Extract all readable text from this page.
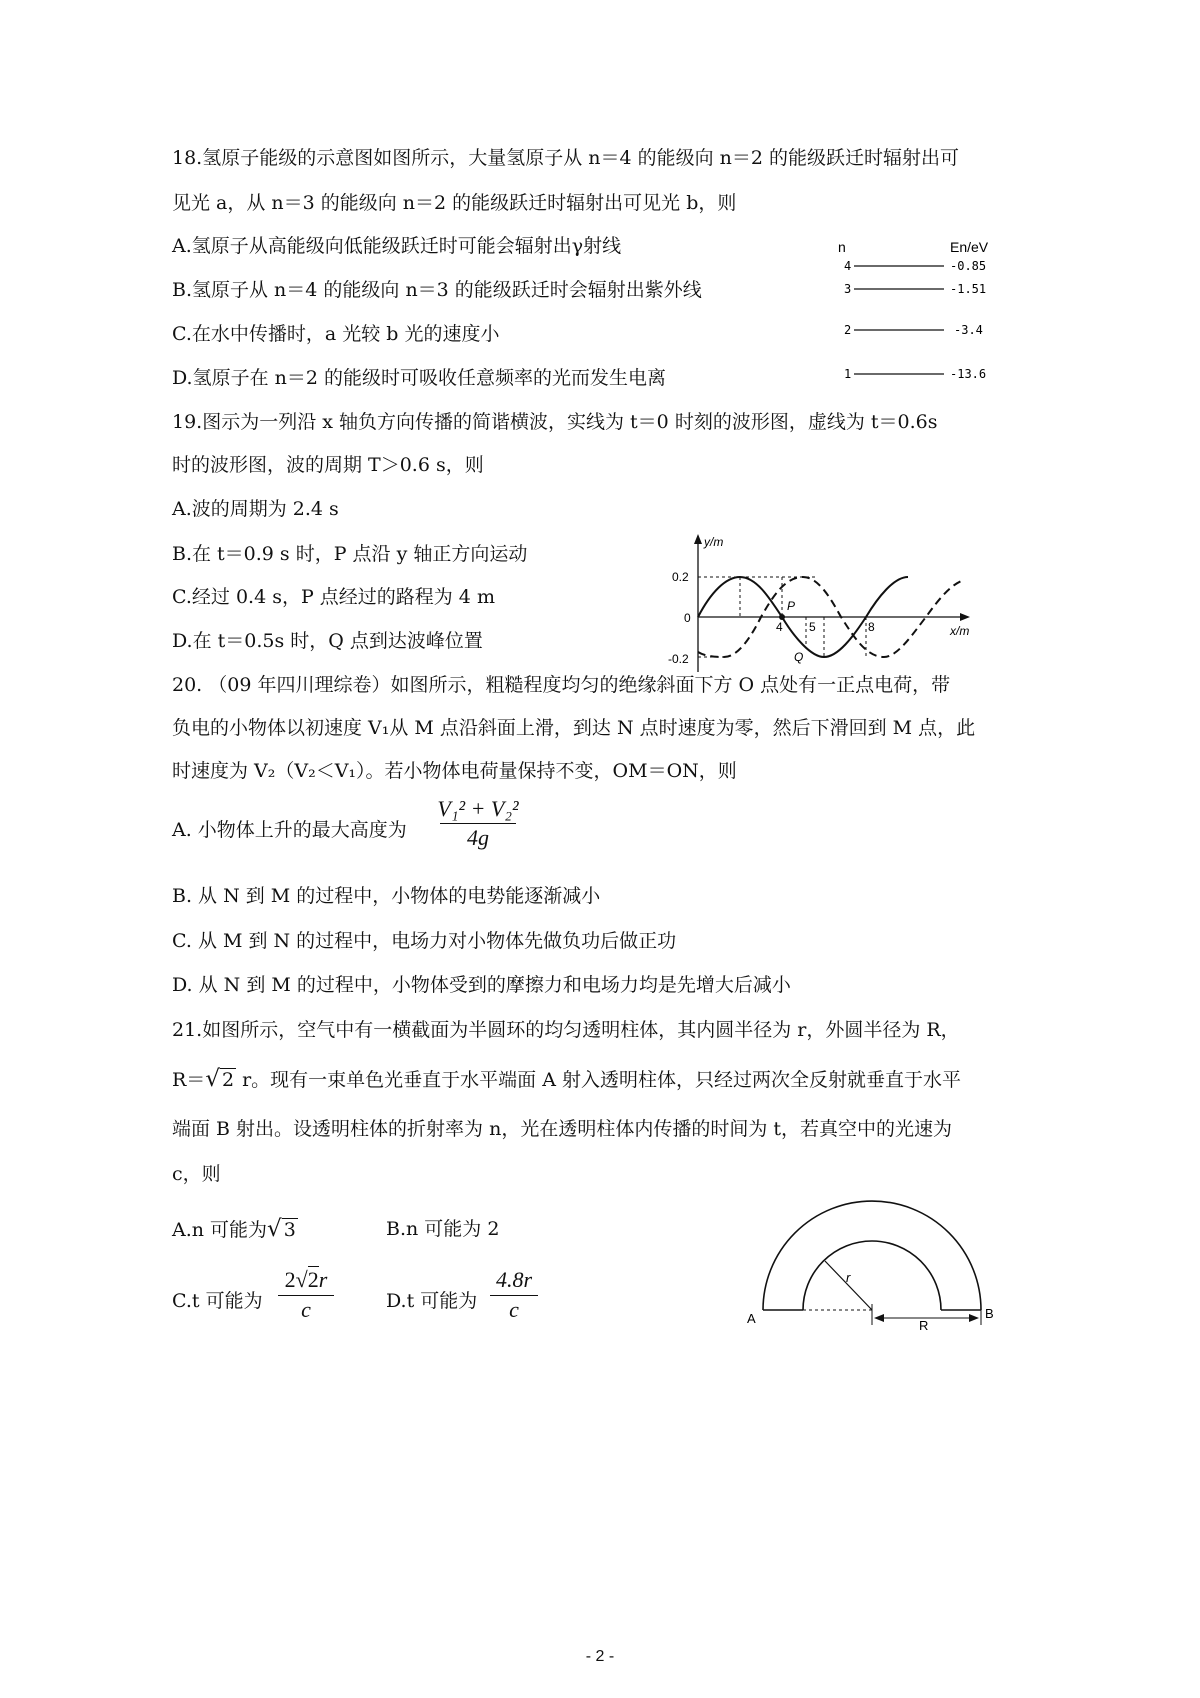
18.氢原子能级的示意图如图所示，大量氢原子从 n＝4 的能级向 n＝2 的能级跃迁时辐射出可
见光 a，从 n＝3 的能级向 n＝2 的能级跃迁时辐射出可见光 b，则
A.氢原子从高能级向低能级跃迁时可能会辐射出γ射线
B.氢原子从 n＝4 的能级向 n＝3 的能级跃迁时会辐射出紫外线
C.在水中传播时，a 光较 b 光的速度小
D.氢原子在 n＝2 的能级时可吸收任意频率的光而发生电离
n	En/eV
4	-0.85
3	-1.51
2	-3.4
1	-13.6
19.图示为一列沿 x 轴负方向传播的简谐横波，实线为 t＝0 时刻的波形图，虚线为 t＝0.6s
时的波形图，波的周期 T＞0.6 s，则
A.波的周期为 2.4 s
B.在 t＝0.9 s 时，P 点沿 y 轴正方向运动
C.经过 0.4 s，P 点经过的路程为 4 m
D.在 t＝0.5s 时，Q 点到达波峰位置
y/m
x/m
0.2
0
-0.2
P
4 5	8
Q
20. （09 年四川理综卷）如图所示，粗糙程度均匀的绝缘斜面下方 O 点处有一正点电荷，带
负电的小物体以初速度 V₁从 M 点沿斜面上滑，到达 N 点时速度为零，然后下滑回到 M 点，此
时速度为 V₂（V₂＜V₁）。若小物体电荷量保持不变，OM＝ON，则
A. 小物体上升的最大高度为
V₁² + V₂²
4g
B. 从 N 到 M 的过程中，小物体的电势能逐渐减小
C. 从 M 到 N 的过程中，电场力对小物体先做负功后做正功
D. 从 N 到 M 的过程中，小物体受到的摩擦力和电场力均是先增大后减小
21.如图所示，空气中有一横截面为半圆环的均匀透明柱体，其内圆半径为 r，外圆半径为 R，
R＝√ 2 r。现有一束单色光垂直于水平端面 A 射入透明柱体，只经过两次全反射就垂直于水平
端面 B 射出。设透明柱体的折射率为 n，光在透明柱体内传播的时间为 t，若真空中的光速为
c，则
A.n 可能为√ 3	B.n 可能为 2
C.t 可能为
2√2r
c	D.t 可能为
4.8r
c
r
R
A	B
- 2 -
